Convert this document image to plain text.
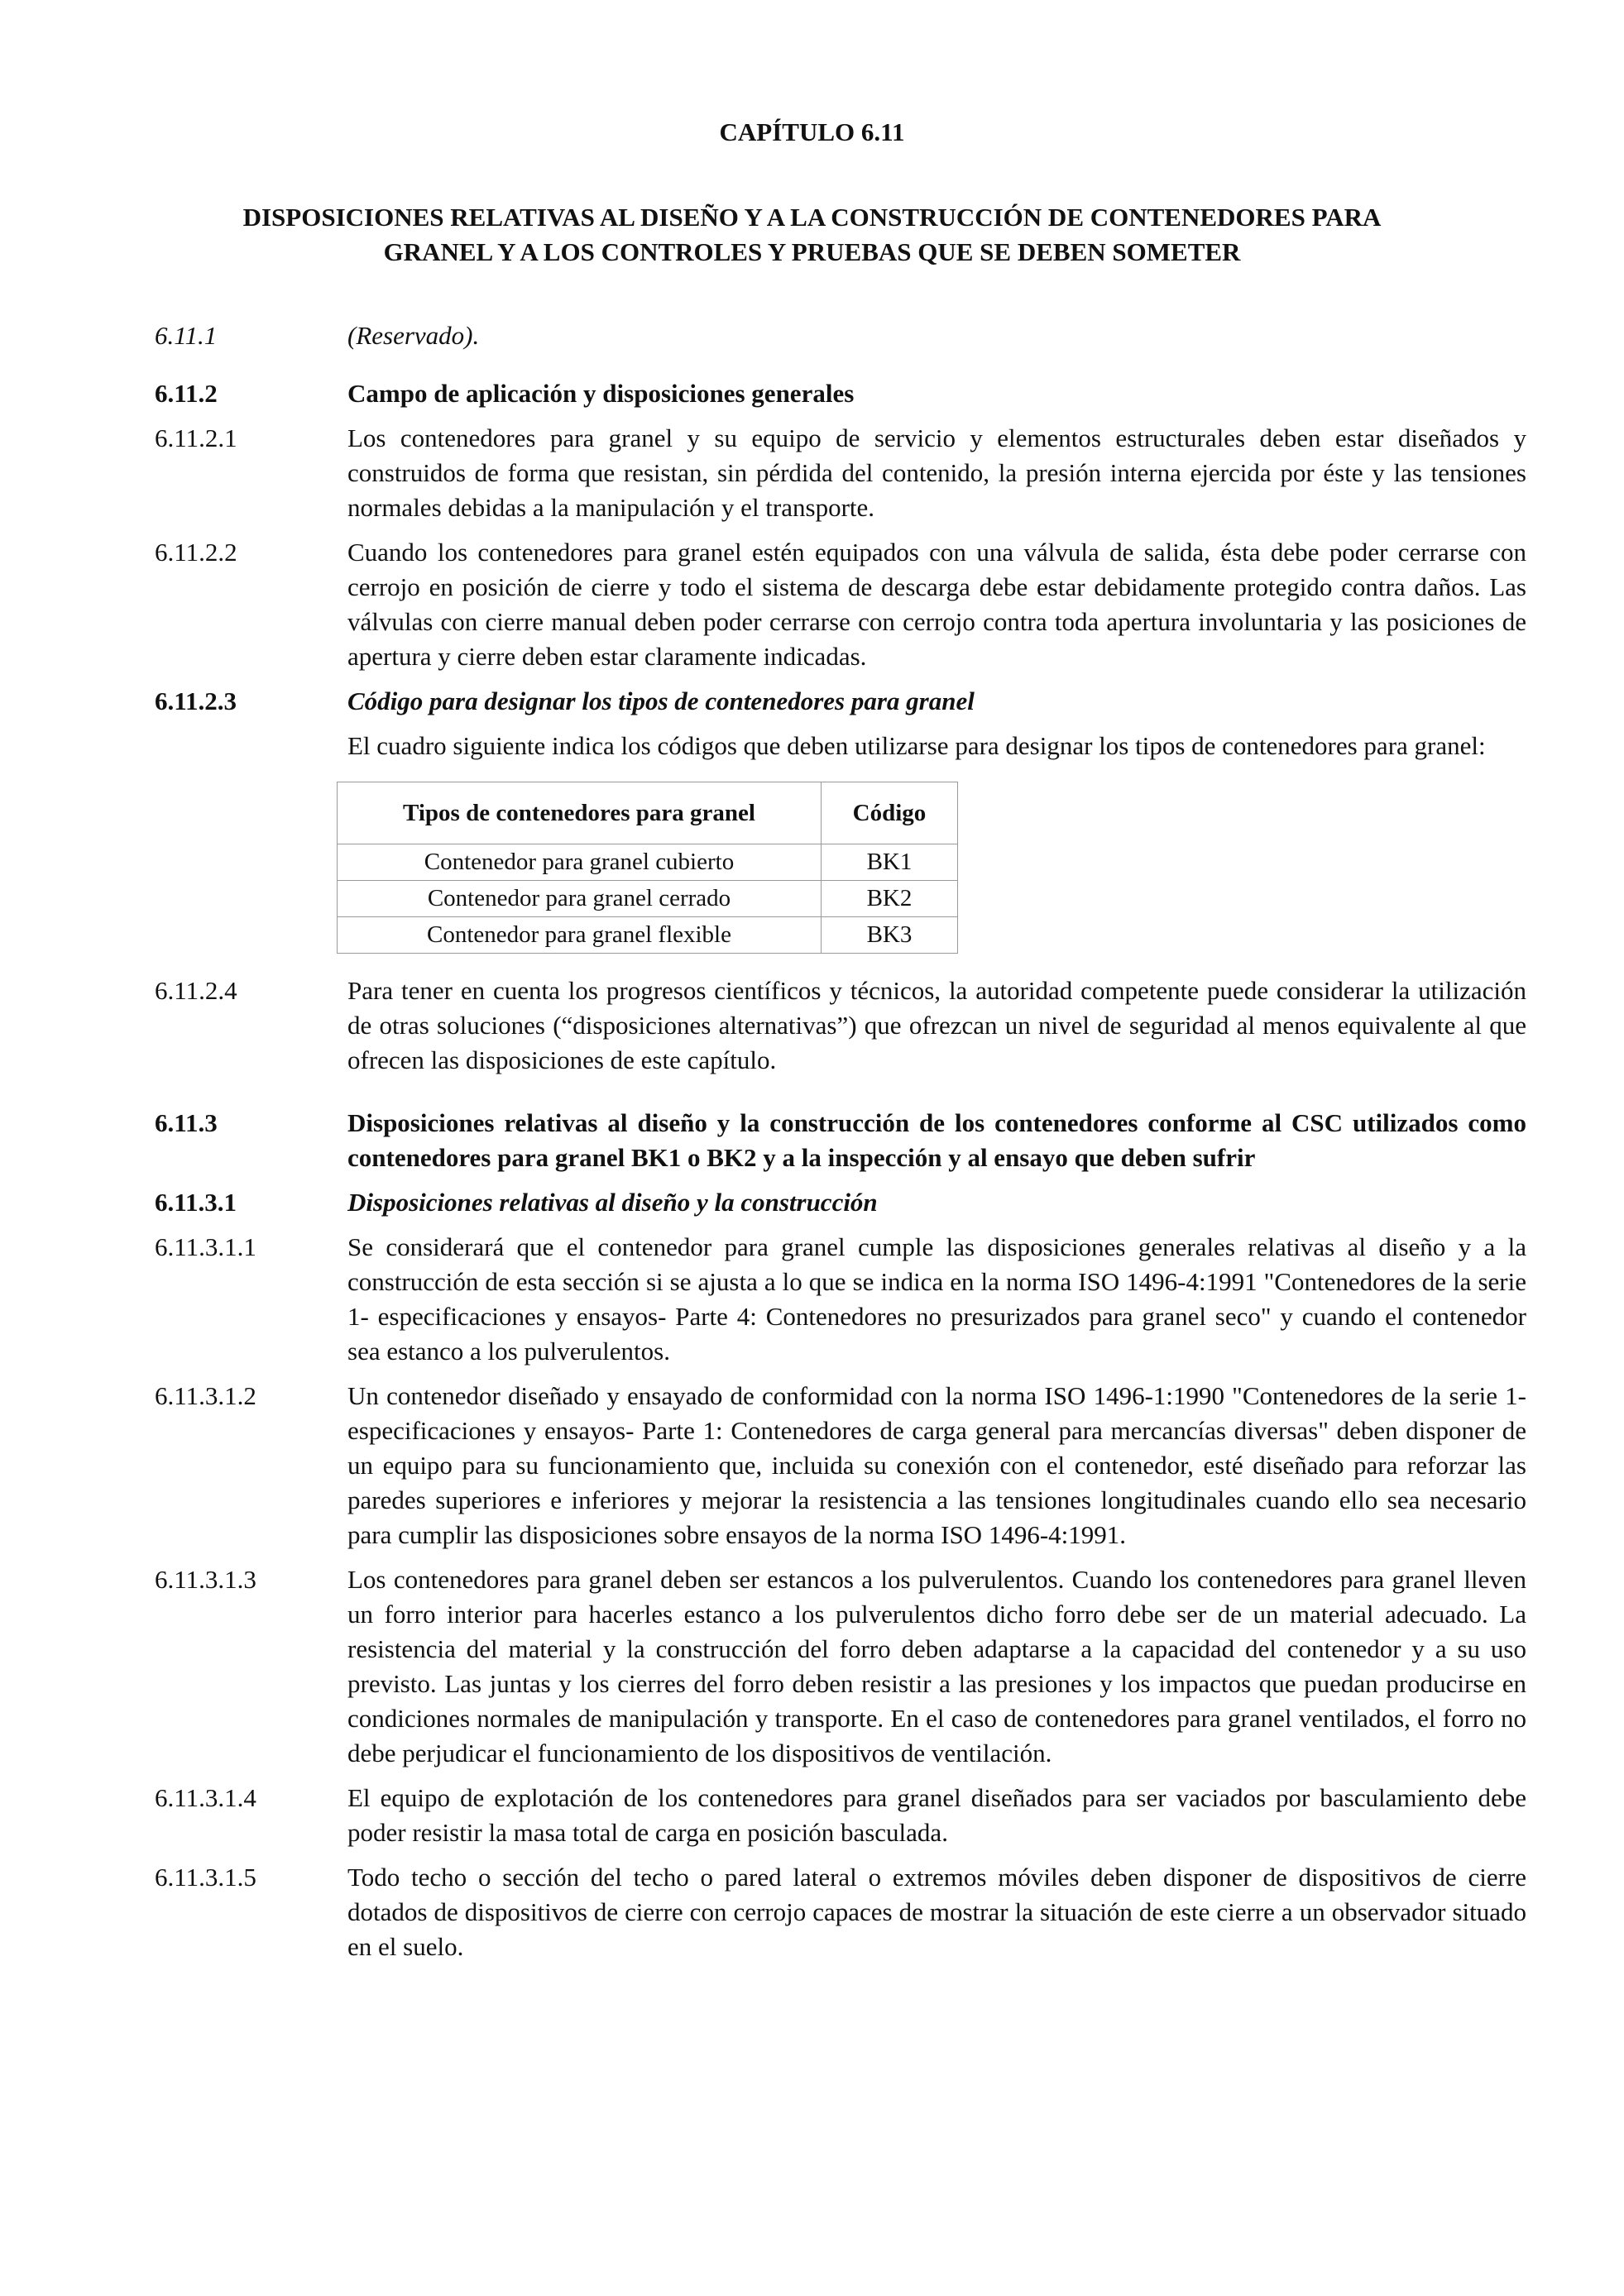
CAPÍTULO 6.11
DISPOSICIONES RELATIVAS AL DISEÑO Y A LA CONSTRUCCIÓN DE CONTENEDORES PARA
GRANEL Y A LOS CONTROLES Y PRUEBAS QUE SE DEBEN SOMETER
6.11.1	(Reservado).
6.11.2	Campo de aplicación y disposiciones generales
6.11.2.1	Los contenedores para granel y su equipo de servicio y elementos estructurales deben estar diseñados y construidos de forma que resistan, sin pérdida del contenido, la presión interna ejercida por éste y las tensiones normales debidas a la manipulación y el transporte.
6.11.2.2	Cuando los contenedores para granel estén equipados con una válvula de salida, ésta debe poder cerrarse con cerrojo en posición de cierre y todo el sistema de descarga debe estar debidamente protegido contra daños. Las válvulas con cierre manual deben poder cerrarse con cerrojo contra toda apertura involuntaria y las posiciones de apertura y cierre deben estar claramente indicadas.
6.11.2.3	Código para designar los tipos de contenedores para granel
El cuadro siguiente indica los códigos que deben utilizarse para designar los tipos de contenedores para granel:
Tipos de contenedores para granel	Código
Contenedor para granel cubierto	BK1
Contenedor para granel cerrado	BK2
Contenedor para granel flexible	BK3
6.11.2.4	Para tener en cuenta los progresos científicos y técnicos, la autoridad competente puede considerar la utilización de otras soluciones (“disposiciones alternativas”) que ofrezcan un nivel de seguridad al menos equivalente al que ofrecen las disposiciones de este capítulo.
6.11.3	Disposiciones relativas al diseño y la construcción de los contenedores conforme al CSC utilizados como contenedores para granel BK1 o BK2 y a la inspección y al ensayo que deben sufrir
6.11.3.1	Disposiciones relativas al diseño y la construcción
6.11.3.1.1	Se considerará que el contenedor para granel cumple las disposiciones generales relativas al diseño y a la construcción de esta sección si se ajusta a lo que se indica en la norma ISO 1496-4:1991 "Contenedores de la serie 1- especificaciones y ensayos- Parte 4: Contenedores no presurizados para granel seco" y cuando el contenedor sea estanco a los pulverulentos.
6.11.3.1.2	Un contenedor diseñado y ensayado de conformidad con la norma ISO 1496-1:1990 "Contenedores de la serie 1- especificaciones y ensayos- Parte 1: Contenedores de carga general para mercancías diversas" deben disponer de un equipo para su funcionamiento que, incluida su conexión con el contenedor, esté diseñado para reforzar las paredes superiores e inferiores y mejorar la resistencia a las tensiones longitudinales cuando ello sea necesario para cumplir las disposiciones sobre ensayos de la norma ISO 1496-4:1991.
6.11.3.1.3	Los contenedores para granel deben ser estancos a los pulverulentos. Cuando los contenedores para granel lleven un forro interior para hacerles estanco a los pulverulentos dicho forro debe ser de un material adecuado. La resistencia del material y la construcción del forro deben adaptarse a la capacidad del contenedor y a su uso previsto. Las juntas y los cierres del forro deben resistir a las presiones y los impactos que puedan producirse en condiciones normales de manipulación y transporte. En el caso de contenedores para granel ventilados, el forro no debe perjudicar el funcionamiento de los dispositivos de ventilación.
6.11.3.1.4	El equipo de explotación de los contenedores para granel diseñados para ser vaciados por basculamiento debe poder resistir la masa total de carga en posición basculada.
6.11.3.1.5	Todo techo o sección del techo o pared lateral o extremos móviles deben disponer de dispositivos de cierre dotados de dispositivos de cierre con cerrojo capaces de mostrar la situación de este cierre a un observador situado en el suelo.
